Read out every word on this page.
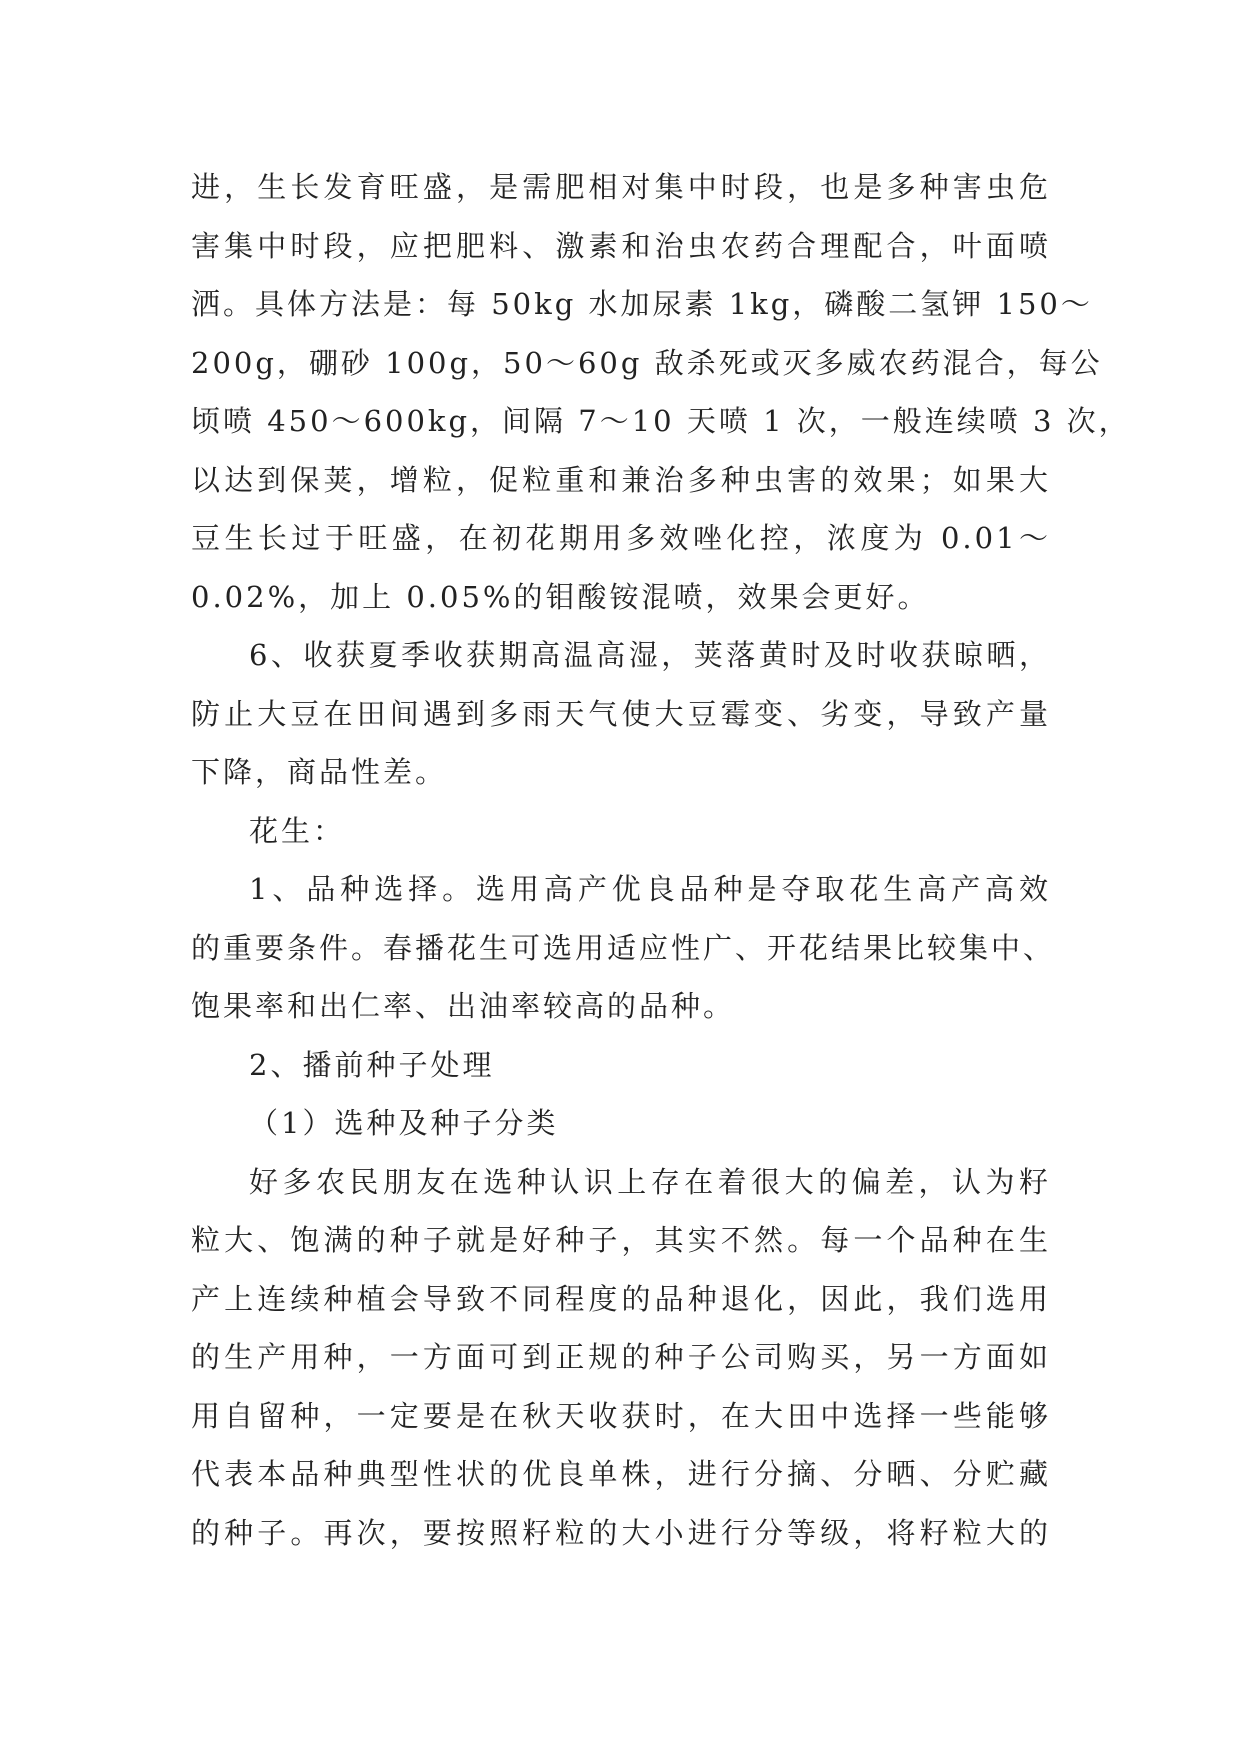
进，生长发育旺盛，是需肥相对集中时段，也是多种害虫危
害集中时段，应把肥料、激素和治虫农药合理配合，叶面喷
洒。具体方法是：每 50kg 水加尿素 1kg，磷酸二氢钾 150～
200g，硼砂 100g，50～60g 敌杀死或灭多威农药混合，每公
顷喷 450～600kg，间隔 7～10 天喷 1 次，一般连续喷 3 次，
以达到保荚，增粒，促粒重和兼治多种虫害的效果；如果大
豆生长过于旺盛，在初花期用多效唑化控，浓度为 0.01～
0.02%，加上 0.05%的钼酸铵混喷，效果会更好。
6、收获夏季收获期高温高湿，荚落黄时及时收获晾晒，
防止大豆在田间遇到多雨天气使大豆霉变、劣变，导致产量
下降，商品性差。
花生：
1、品种选择。选用高产优良品种是夺取花生高产高效
的重要条件。春播花生可选用适应性广、开花结果比较集中、
饱果率和出仁率、出油率较高的品种。
2、播前种子处理
（1）选种及种子分类
好多农民朋友在选种认识上存在着很大的偏差，认为籽
粒大、饱满的种子就是好种子，其实不然。每一个品种在生
产上连续种植会导致不同程度的品种退化，因此，我们选用
的生产用种，一方面可到正规的种子公司购买，另一方面如
用自留种，一定要是在秋天收获时，在大田中选择一些能够
代表本品种典型性状的优良单株，进行分摘、分晒、分贮藏
的种子。再次，要按照籽粒的大小进行分等级，将籽粒大的
